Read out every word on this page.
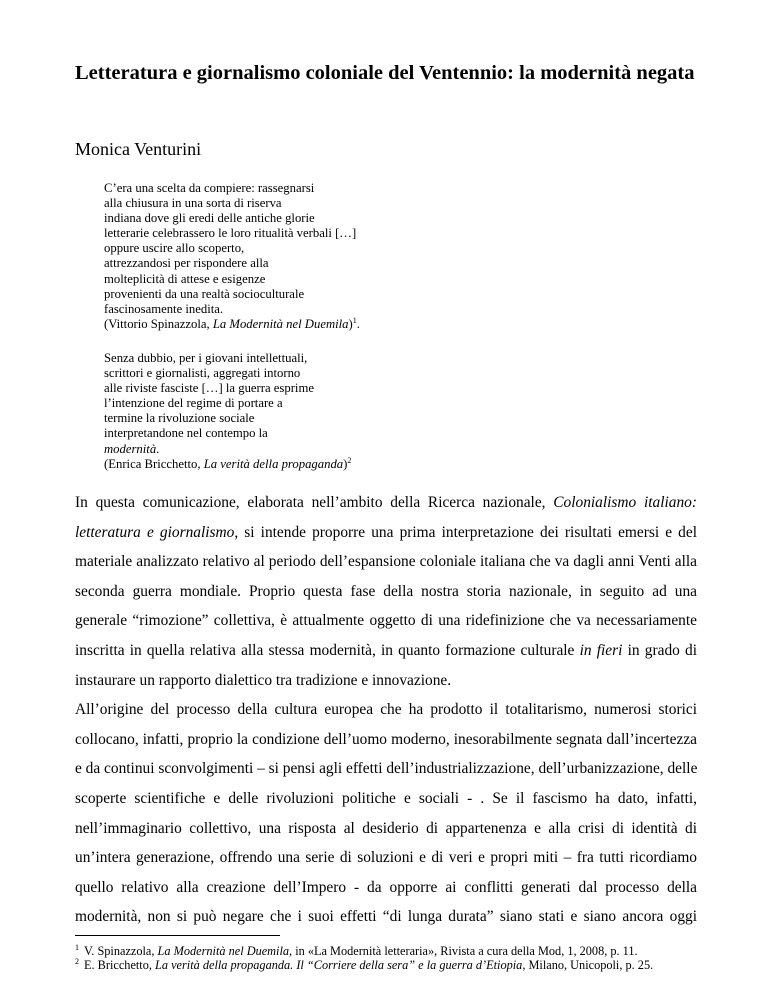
Letteratura e giornalismo coloniale del Ventennio: la modernità negata
Monica Venturini
C’era una scelta da compiere: rassegnarsi
alla chiusura in una sorta di riserva
indiana dove gli eredi delle antiche glorie
letterarie celebrassero le loro ritualità verbali […]
oppure uscire allo scoperto,
attrezzandosi per rispondere alla
molteplicità di attese e esigenze
provenienti da una realtà socioculturale
fascinosamente inedita.
(Vittorio Spinazzola, La Modernità nel Duemila)$^1$.
Senza dubbio, per i giovani intellettuali,
scrittori e giornalisti, aggregati intorno
alle riviste fasciste […] la guerra esprime
l’intenzione del regime di portare a
termine la rivoluzione sociale
interpretandone nel contempo la
modernità.
(Enrica Bricchetto, La verità della propaganda)$^2$

In questa comunicazione, elaborata nell’ambito della Ricerca nazionale, Colonialismo italiano:
letteratura e giornalismo, si intende proporre una prima interpretazione dei risultati emersi e del
materiale analizzato relativo al periodo dell’espansione coloniale italiana che va dagli anni Venti alla
seconda guerra mondiale. Proprio questa fase della nostra storia nazionale, in seguito ad una
generale “rimozione” collettiva, è attualmente oggetto di una ridefinizione che va necessariamente
inscritta in quella relativa alla stessa modernità, in quanto formazione culturale in fieri in grado di
instaurare un rapporto dialettico tra tradizione e innovazione.

All’origine del processo della cultura europea che ha prodotto il totalitarismo, numerosi storici
collocano, infatti, proprio la condizione dell’uomo moderno, inesorabilmente segnata dall’incertezza
e da continui sconvolgimenti – si pensi agli effetti dell’industrializzazione, dell’urbanizzazione, delle
scoperte scientifiche e delle rivoluzioni politiche e sociali - . Se il fascismo ha dato, infatti,
nell’immaginario collettivo, una risposta al desiderio di appartenenza e alla crisi di identità di
un’intera generazione, offrendo una serie di soluzioni e di veri e propri miti – fra tutti ricordiamo
quello relativo alla creazione dell’Impero - da opporre ai conflitti generati dal processo della
modernità, non si può negare che i suoi effetti “di lunga durata” siano stati e siano ancora oggi

$^1$ V. Spinazzola, La Modernità nel Duemila, in «La Modernità letteraria», Rivista a cura della Mod, 1, 2008, p. 11.
$^2$ E. Bricchetto, La verità della propaganda. Il “Corriere della sera” e la guerra d’Etiopia, Milano, Unicopoli, p. 25.
